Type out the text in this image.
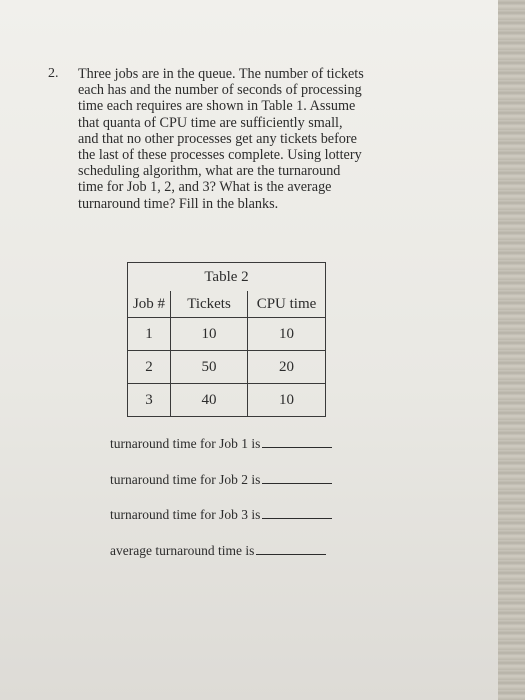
2. Three jobs are in the queue. The number of tickets
each has and the number of seconds of processing
time each requires are shown in Table 1. Assume
that quanta of CPU time are sufficiently small,
and that no other processes get any tickets before
the last of these processes complete. Using lottery
scheduling algorithm, what are the turnaround
time for Job 1, 2, and 3? What is the average
turnaround time? Fill in the blanks.
Table 2		
Job #	Tickets	CPU time
1	10	10
2	50	20
3	40	10
turnaround time for Job 1 is
turnaround time for Job 2 is
turnaround time for Job 3 is
average turnaround time is
